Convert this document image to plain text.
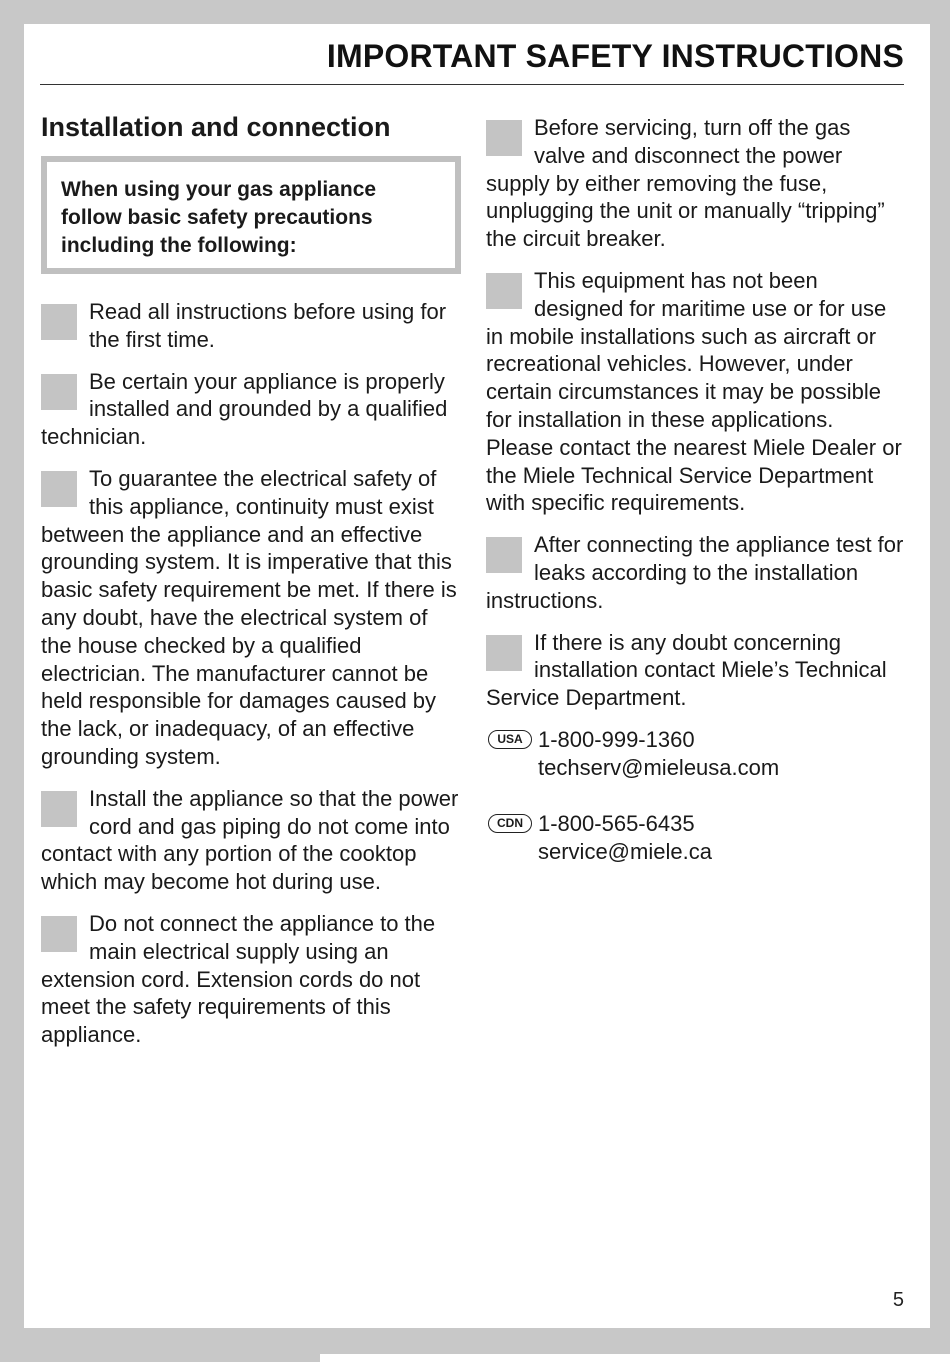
IMPORTANT SAFETY INSTRUCTIONS
Installation and connection
When using your gas appliance follow basic safety precautions including the following:
Read all instructions before using for the first time.
Be certain your appliance is properly installed and grounded by a qualified technician.
To guarantee the electrical safety of this appliance, continuity must exist between the appliance and an effective grounding system. It is imperative that this basic safety requirement be met. If there is any doubt, have the electrical system of the house checked by a qualified electrician. The manufacturer cannot be held responsible for damages caused by the lack, or inadequacy, of an effective grounding system.
Install the appliance so that the power cord and gas piping do not come into contact with any portion of the cooktop which may become hot during use.
Do not connect the appliance to the main electrical supply using an extension cord. Extension cords do not meet the safety requirements of this appliance.
Before servicing, turn off the gas valve and disconnect the power supply by either removing the fuse, unplugging the unit or manually “tripping” the circuit breaker.
This equipment has not been designed for maritime use or for use in mobile installations such as aircraft or recreational vehicles. However, under certain circumstances it may be possible for installation in these applications. Please contact the nearest Miele Dealer or the Miele Technical Service Department with specific requirements.
After connecting the appliance test for leaks according to the installation instructions.
If there is any doubt concerning installation contact Miele’s Technical Service Department.
USA 1-800-999-1360
techserv@mieleusa.com
CDN 1-800-565-6435
service@miele.ca
5
